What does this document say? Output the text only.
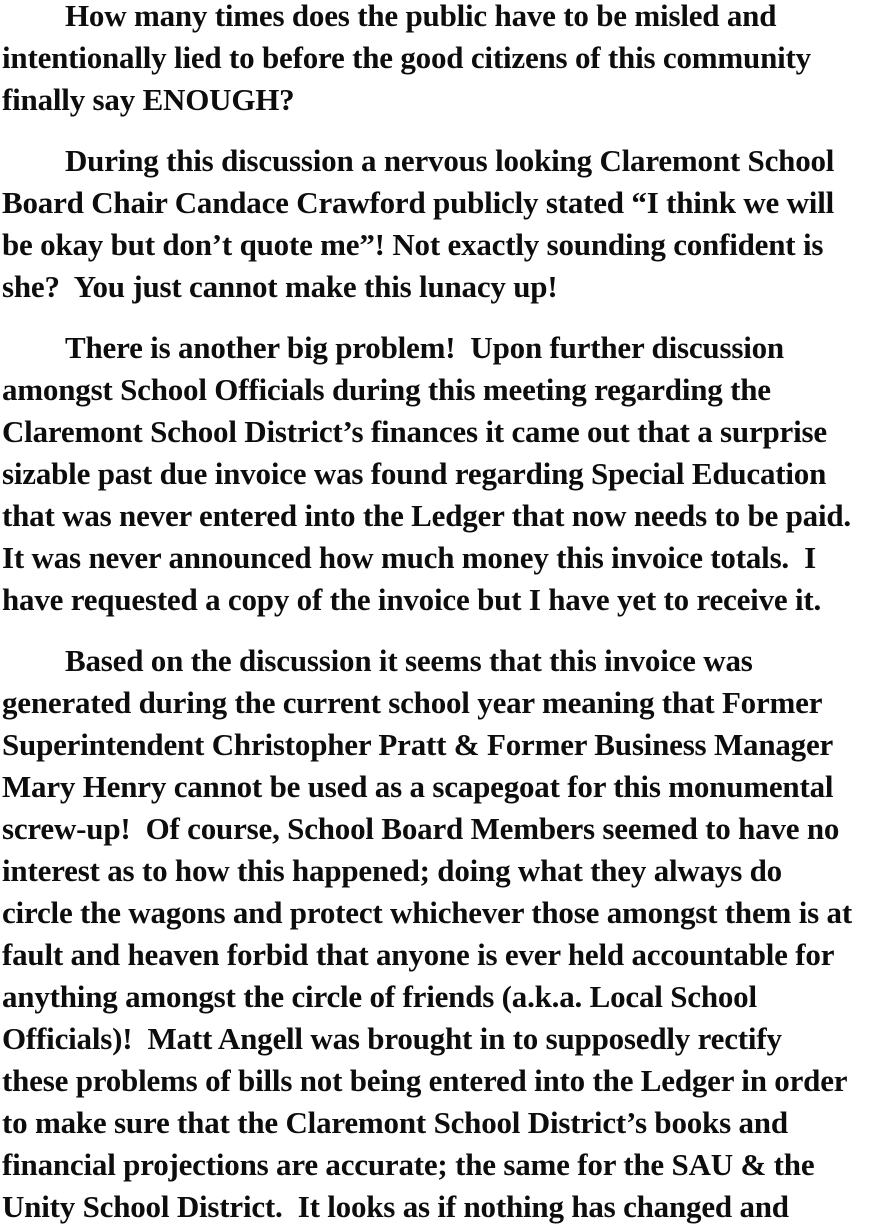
How many times does the public have to be misled and
intentionally lied to before the good citizens of this community
finally say ENOUGH?

During this discussion a nervous looking Claremont School
Board Chair Candace Crawford publicly stated “I think we will
be okay but don’t quote me”! Not exactly sounding confident is
she?  You just cannot make this lunacy up!

There is another big problem!  Upon further discussion
amongst School Officials during this meeting regarding the
Claremont School District’s finances it came out that a surprise
sizable past due invoice was found regarding Special Education
that was never entered into the Ledger that now needs to be paid.
It was never announced how much money this invoice totals.  I
have requested a copy of the invoice but I have yet to receive it.

Based on the discussion it seems that this invoice was
generated during the current school year meaning that Former
Superintendent Christopher Pratt & Former Business Manager
Mary Henry cannot be used as a scapegoat for this monumental
screw-up!  Of course, School Board Members seemed to have no
interest as to how this happened; doing what they always do
circle the wagons and protect whichever those amongst them is at
fault and heaven forbid that anyone is ever held accountable for
anything amongst the circle of friends (a.k.a. Local School
Officials)!  Matt Angell was brought in to supposedly rectify
these problems of bills not being entered into the Ledger in order
to make sure that the Claremont School District’s books and
financial projections are accurate; the same for the SAU & the
Unity School District.  It looks as if nothing has changed and
